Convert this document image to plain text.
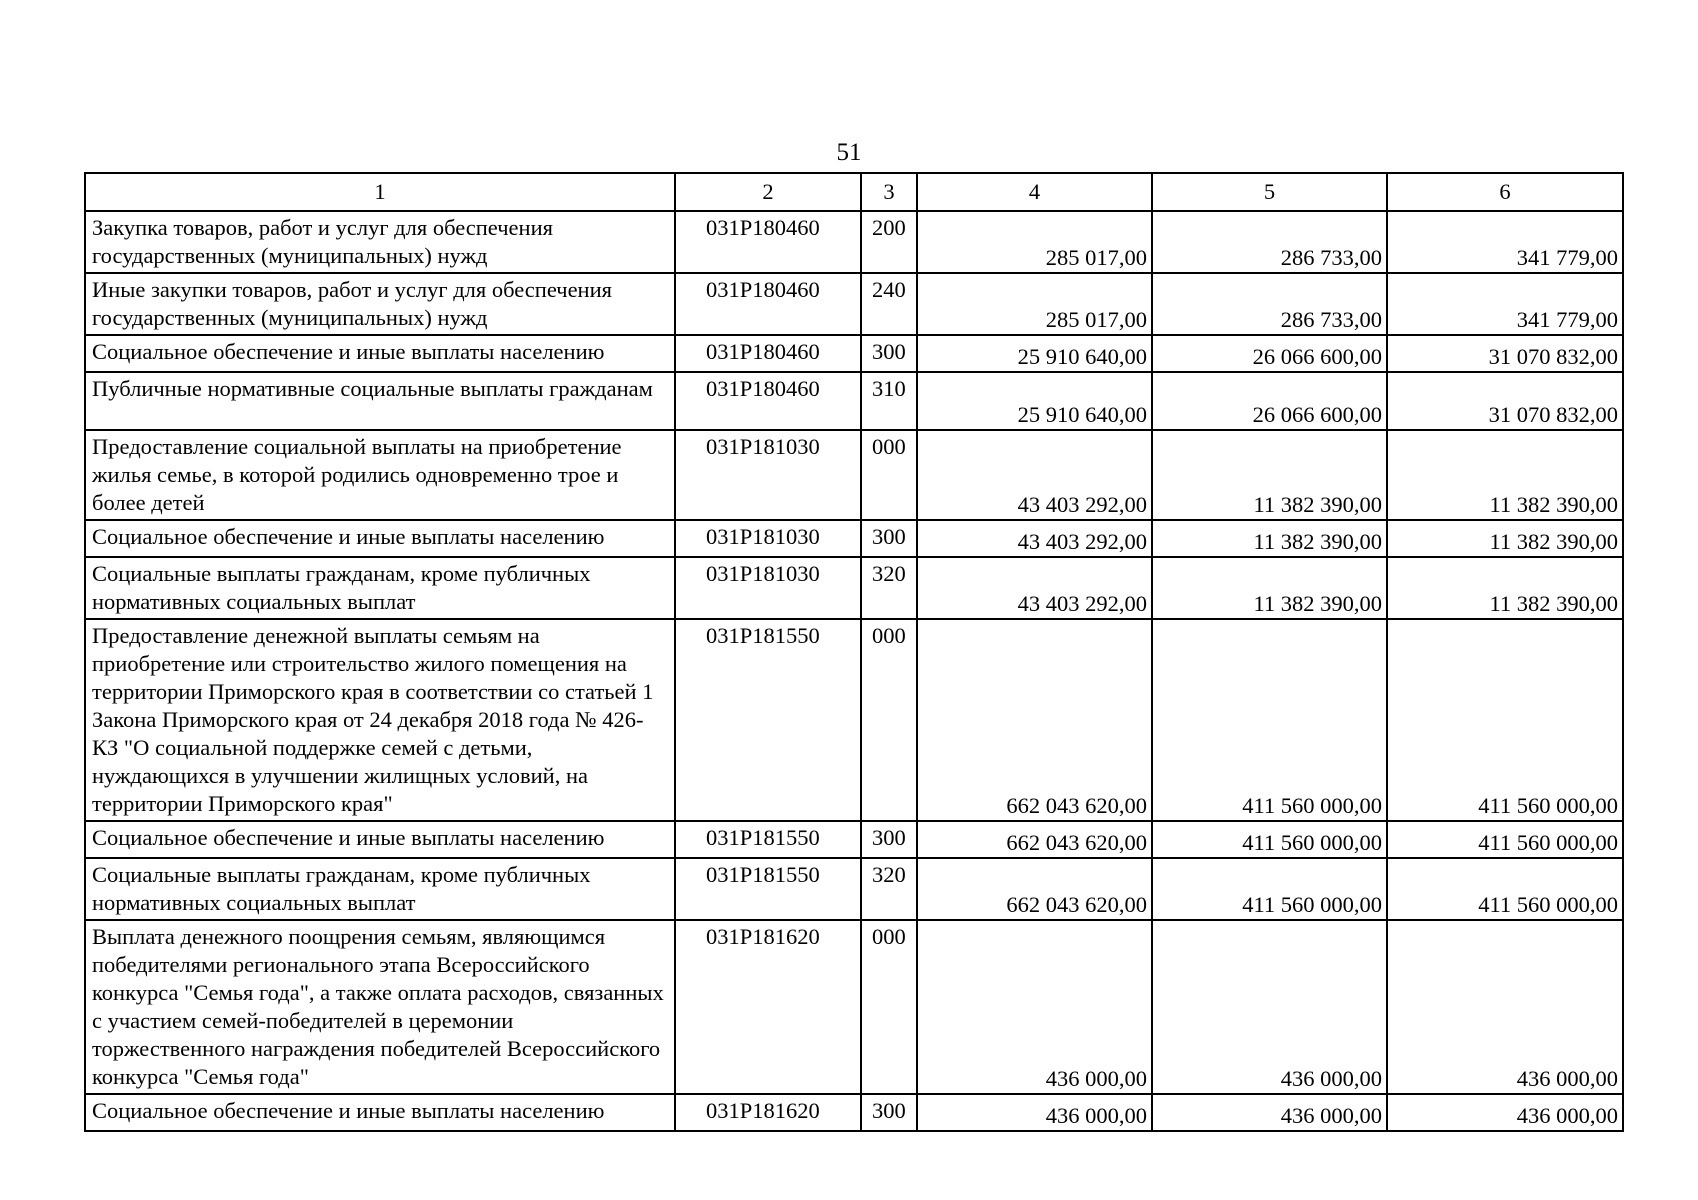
51
1	2	3	4	5	6
Закупка товаров, работ и услуг для обеспечения государственных (муниципальных) нужд	031P180460	200	285 017,00	286 733,00	341 779,00
Иные закупки товаров, работ и услуг для обеспечения государственных (муниципальных) нужд	031P180460	240	285 017,00	286 733,00	341 779,00
Социальное обеспечение и иные выплаты населению	031P180460	300	25 910 640,00	26 066 600,00	31 070 832,00
Публичные нормативные социальные выплаты гражданам	031P180460	310	25 910 640,00	26 066 600,00	31 070 832,00
Предоставление социальной выплаты на приобретение жилья семье, в которой родились одновременно трое и более детей	031P181030	000	43 403 292,00	11 382 390,00	11 382 390,00
Социальное обеспечение и иные выплаты населению	031P181030	300	43 403 292,00	11 382 390,00	11 382 390,00
Социальные выплаты гражданам, кроме публичных нормативных социальных выплат	031P181030	320	43 403 292,00	11 382 390,00	11 382 390,00
Предоставление денежной выплаты семьям на приобретение или строительство жилого помещения на территории Приморского края в соответствии со статьей 1 Закона Приморского края от 24 декабря 2018 года № 426-КЗ "О социальной поддержке семей с детьми, нуждающихся в улучшении жилищных условий, на территории Приморского края"	031P181550	000	662 043 620,00	411 560 000,00	411 560 000,00
Социальное обеспечение и иные выплаты населению	031P181550	300	662 043 620,00	411 560 000,00	411 560 000,00
Социальные выплаты гражданам, кроме публичных нормативных социальных выплат	031P181550	320	662 043 620,00	411 560 000,00	411 560 000,00
Выплата денежного поощрения семьям, являющимся победителями регионального этапа Всероссийского конкурса "Семья года", а также оплата расходов, связанных с участием семей-победителей в церемонии торжественного награждения победителей Всероссийского конкурса "Семья года"	031P181620	000	436 000,00	436 000,00	436 000,00
Социальное обеспечение и иные выплаты населению	031P181620	300	436 000,00	436 000,00	436 000,00
